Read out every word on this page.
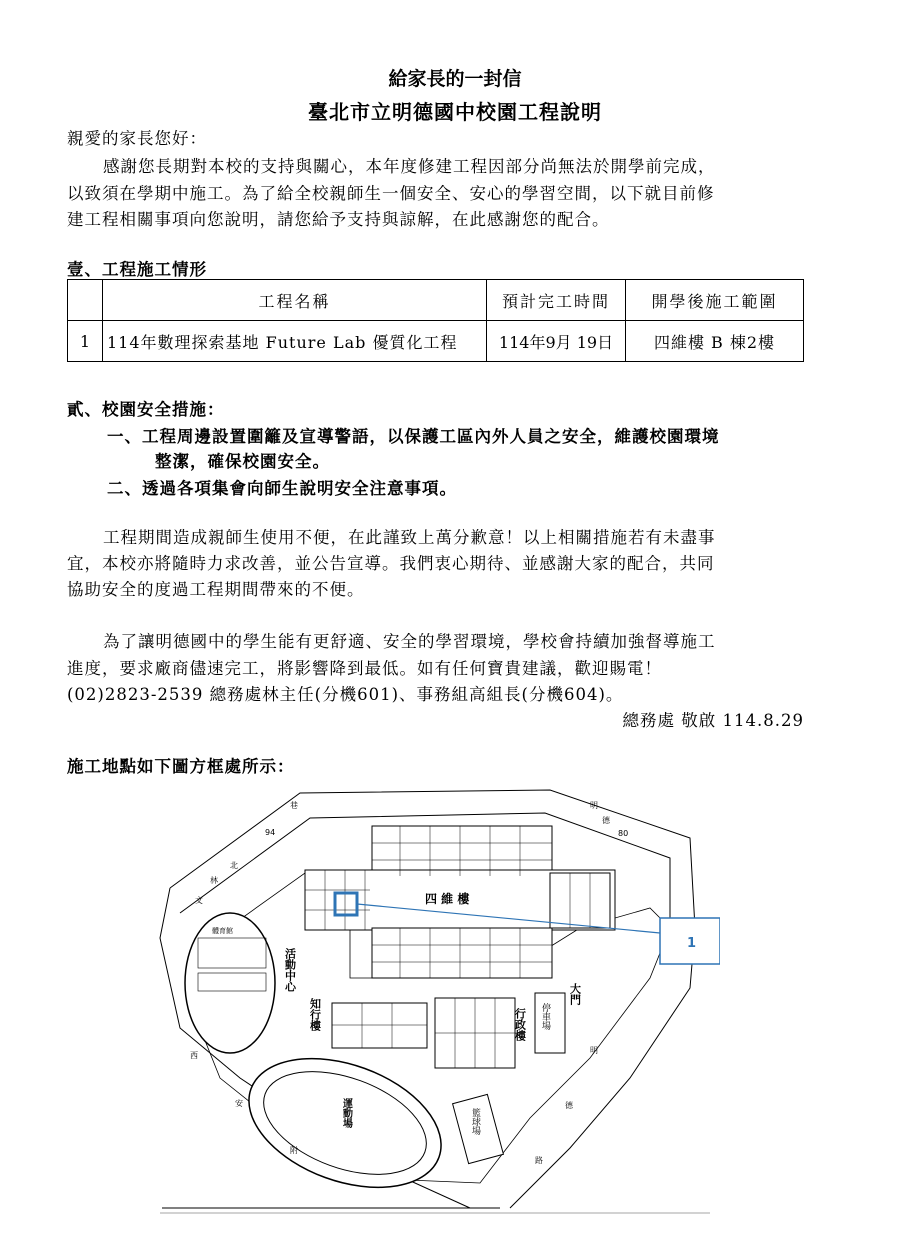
給家長的一封信
臺北市立明德國中校園工程說明
親愛的家長您好：
感謝您長期對本校的支持與關心，本年度修建工程因部分尚無法於開學前完成，
以致須在學期中施工。為了給全校親師生一個安全、安心的學習空間，以下就目前修
建工程相關事項向您說明，請您給予支持與諒解，在此感謝您的配合。
壹、工程施工情形
	工程名稱	預計完工時間	開學後施工範圍
1	114年數理探索基地 Future Lab 優質化工程	114年9月 19日	四維樓 B 棟2樓
貳、校園安全措施：
一、工程周邊設置圍籬及宣導警語，以保護工區內外人員之安全，維護校園環境
整潔，確保校園安全。
二、透過各項集會向師生說明安全注意事項。
工程期間造成親師生使用不便，在此謹致上萬分歉意！以上相關措施若有未盡事
宜，本校亦將隨時力求改善，並公告宣導。我們衷心期待、並感謝大家的配合，共同
協助安全的度過工程期間帶來的不便。
為了讓明德國中的學生能有更舒適、安全的學習環境，學校會持續加強督導施工
進度，要求廠商儘速完工，將影響降到最低。如有任何寶貴建議，歡迎賜電！
(02)2823-2539 總務處林主任(分機601)、事務組高組長(分機604)。
總務處 敬啟 114.8.29
施工地點如下圖方框處所示：
四 維 樓
1
體育館
活動中心
知行樓	行政樓 停車場
大門
運動場	籃球場
94	80
巷
北
林
文
安
西
附
明
德
明
德
路
